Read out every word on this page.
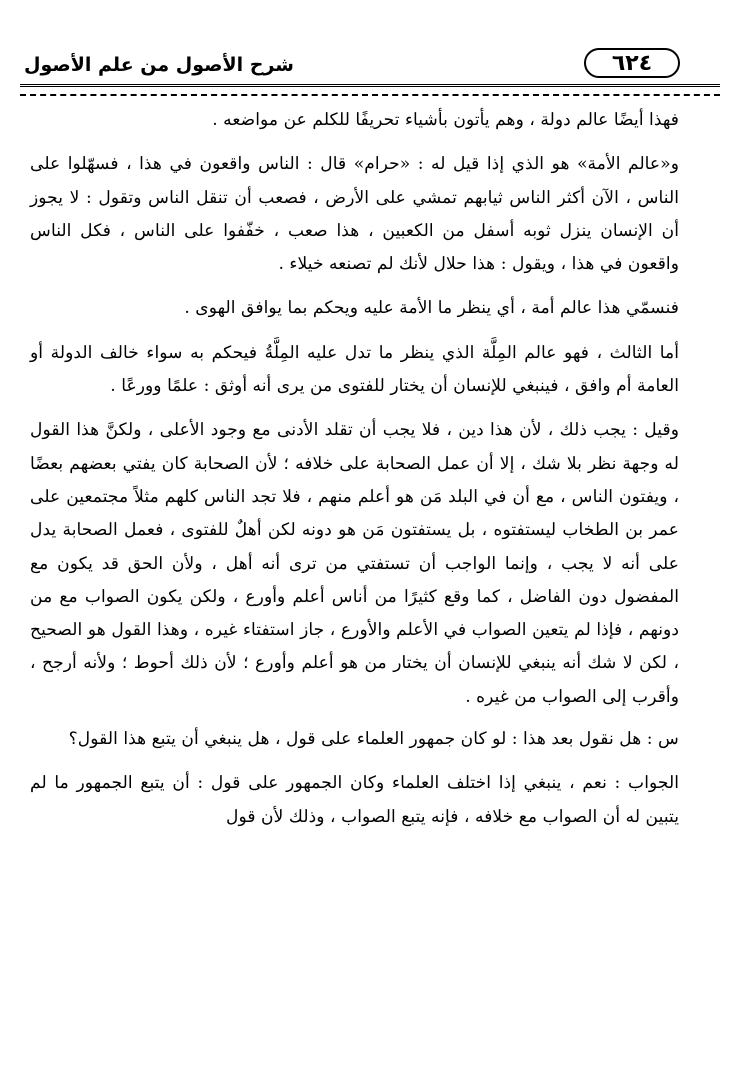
٦٢٤
شرح الأصول من علم الأصول

فهذا أيضًا عالم دولة ، وهم يأتون بأشياء تحريفًا للكلم عن مواضعه .

و«عالم الأمة» هو الذي إذا قيل له : «حرام» قال : الناس واقعون في هذا ، فسهّلوا على الناس ، الآن أكثر الناس ثيابهم تمشي على الأرض ، فصعب أن تنقل الناس وتقول : لا يجوز أن الإنسان ينزل ثوبه أسفل من الكعبين ، هذا صعب ، خفّفوا على الناس ، فكل الناس واقعون في هذا ، ويقول : هذا حلال لأنك لم تصنعه خيلاء .

فنسمّي هذا عالم أمة ، أي ينظر ما الأمة عليه ويحكم بما يوافق الهوى .

أما الثالث ، فهو عالم المِلَّة الذي ينظر ما تدل عليه المِلَّةُ فيحكم به سواء خالف الدولة أو العامة أم وافق ، فينبغي للإنسان أن يختار للفتوى من يرى أنه أوثق : علمًا وورعًا .

وقيل : يجب ذلك ، لأن هذا دين ، فلا يجب أن تقلد الأدنى مع وجود الأعلى ، ولكنَّ هذا القول له وجهة نظر بلا شك ، إلا أن عمل الصحابة على خلافه ؛ لأن الصحابة كان يفتي بعضهم بعضًا ، ويفتون الناس ، مع أن في البلد مَن هو أعلم منهم ، فلا تجد الناس كلهم مثلاً مجتمعين على عمر بن الطخاب ليستفتوه ، بل يستفتون مَن هو دونه لكن أهلٌ للفتوى ، فعمل الصحابة يدل على أنه لا يجب ، وإنما الواجب أن تستفتي من ترى أنه أهل ، ولأن الحق قد يكون مع المفضول دون الفاضل ، كما وقع كثيرًا من أناس أعلم وأورع ، ولكن يكون الصواب مع من دونهم ، فإذا لم يتعين الصواب في الأعلم والأورع ، جاز استفتاء غيره ، وهذا القول هو الصحيح ، لكن لا شك أنه ينبغي للإنسان أن يختار من هو أعلم وأورع ؛ لأن ذلك أحوط ؛ ولأنه أرجح ، وأقرب إلى الصواب من غيره .

س : هل نقول بعد هذا : لو كان جمهور العلماء على قول ، هل ينبغي أن يتبع هذا القول؟

الجواب : نعم ، ينبغي إذا اختلف العلماء وكان الجمهور على قول : أن يتبع الجمهور ما لم يتبين له أن الصواب مع خلافه ، فإنه يتبع الصواب ، وذلك لأن قول
